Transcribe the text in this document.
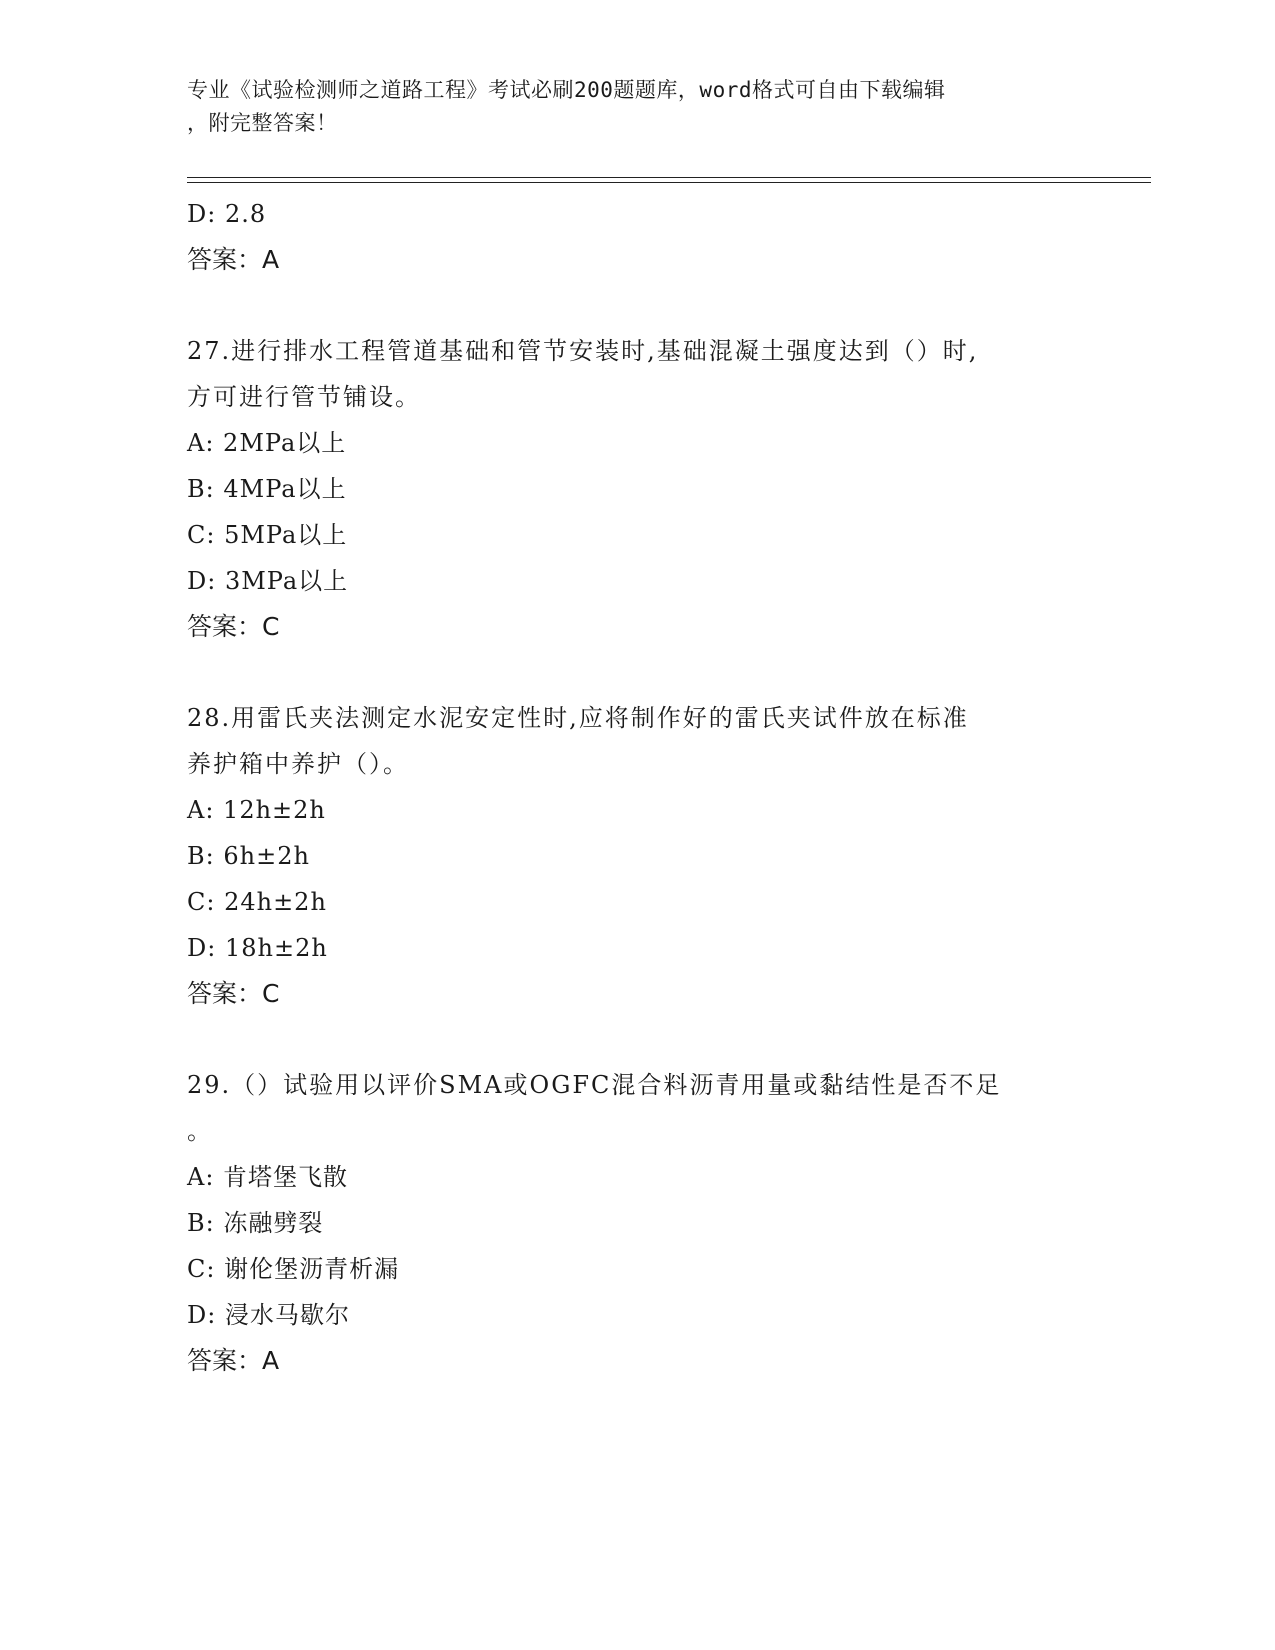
专业《试验检测师之道路工程》考试必刷200题题库，word格式可自由下载编辑
，附完整答案！
D: 2.8
答案：A
27.进行排水工程管道基础和管节安装时,基础混凝土强度达到（）时,
方可进行管节铺设。
A: 2MPa以上
B: 4MPa以上
C: 5MPa以上
D: 3MPa以上
答案：C
28.用雷氏夹法测定水泥安定性时,应将制作好的雷氏夹试件放在标准
养护箱中养护（）。
A: 12h±2h
B: 6h±2h
C: 24h±2h
D: 18h±2h
答案：C
29.（）试验用以评价SMA或OGFC混合料沥青用量或黏结性是否不足
。
A: 肯塔堡飞散
B: 冻融劈裂
C: 谢伦堡沥青析漏
D: 浸水马歇尔
答案：A
